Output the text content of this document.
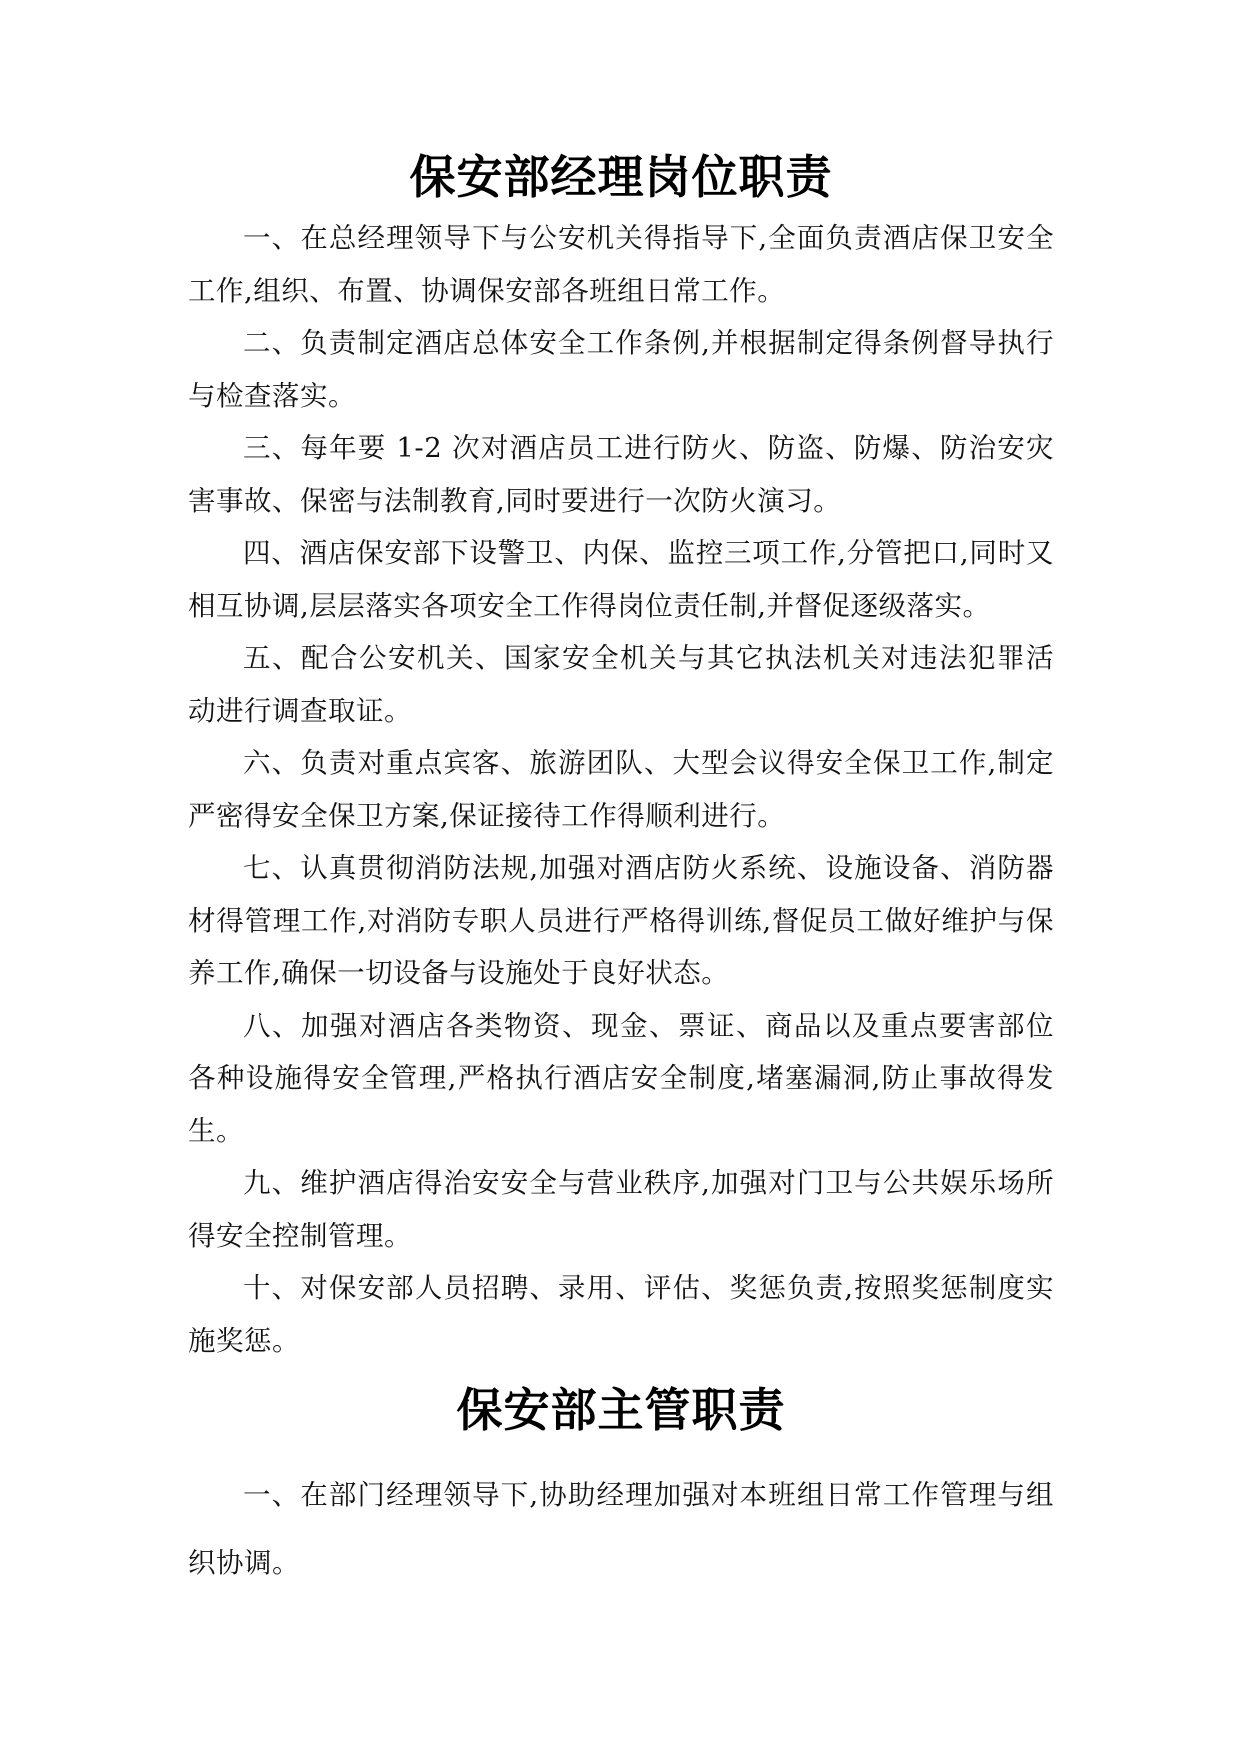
保安部经理岗位职责

一、在总经理领导下与公安机关得指导下,全面负责酒店保卫安全工作,组织、布置、协调保安部各班组日常工作。

二、负责制定酒店总体安全工作条例,并根据制定得条例督导执行与检查落实。

三、每年要 1-2 次对酒店员工进行防火、防盗、防爆、防治安灾害事故、保密与法制教育,同时要进行一次防火演习。

四、酒店保安部下设警卫、内保、监控三项工作,分管把口,同时又相互协调,层层落实各项安全工作得岗位责任制,并督促逐级落实。

五、配合公安机关、国家安全机关与其它执法机关对违法犯罪活动进行调查取证。

六、负责对重点宾客、旅游团队、大型会议得安全保卫工作,制定严密得安全保卫方案,保证接待工作得顺利进行。

七、认真贯彻消防法规,加强对酒店防火系统、设施设备、消防器材得管理工作,对消防专职人员进行严格得训练,督促员工做好维护与保养工作,确保一切设备与设施处于良好状态。

八、加强对酒店各类物资、现金、票证、商品以及重点要害部位各种设施得安全管理,严格执行酒店安全制度,堵塞漏洞,防止事故得发生。

九、维护酒店得治安安全与营业秩序,加强对门卫与公共娱乐场所得安全控制管理。

十、对保安部人员招聘、录用、评估、奖惩负责,按照奖惩制度实施奖惩。

保安部主管职责

一、在部门经理领导下,协助经理加强对本班组日常工作管理与组织协调。
